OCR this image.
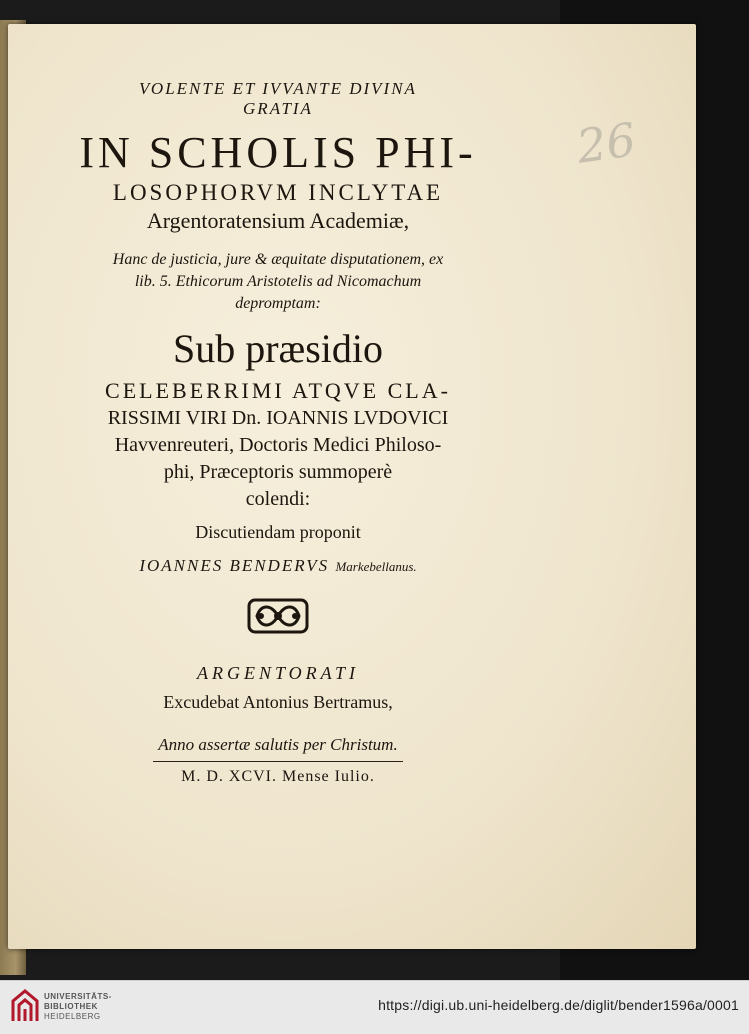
26

VOLENTE ET IVVANTE DIVINA

GRATIA

IN SCHOLIS PHI-

LOSOPHORVM INCLYTAE

Argentoratensium Academiæ,

Hanc de justicia, jure & æquitate disputationem, ex

lib. 5. Ethicorum Aristotelis ad Nicomachum

depromptam:

Sub præsidio

CELEBERRIMI ATQVE CLA-

RISSIMI VIRI Dn. IOANNIS LVDOVICI

Havvenreuteri, Doctoris Medici Philoso-

phi, Præceptoris summoperè

colendi:

Discutiendam proponit

IOANNES BENDERVS Markebellanus.

ARGENTORATI

Excudebat Antonius Bertramus,

Anno assertæ salutis per Christum.

M. D. XCVI. Mense Iulio.

UNIVERSITÄTS-
BIBLIOTHEK
HEIDELBERG
https://digi.ub.uni-heidelberg.de/diglit/bender1596a/0001
